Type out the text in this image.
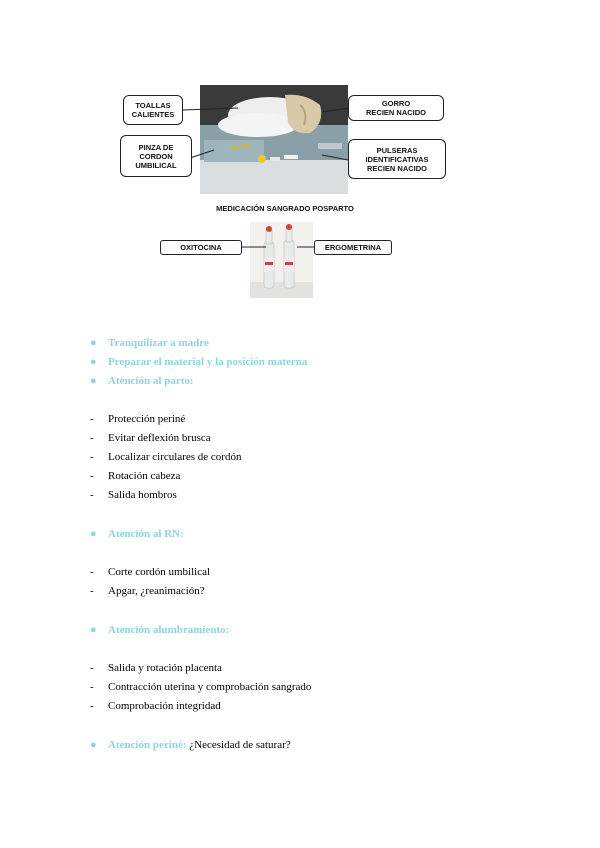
TOALLAS
CALIENTES
GORRO
RECIEN NACIDO
PINZA DE
CORDON
UMBILICAL
PULSERAS
IDENTIFICATIVAS
RECIEN NACIDO
MEDICACIÓN SANGRADO POSPARTO
OXITOCINA	ERGOMETRINA
● Tranquilizar a madre
● Preparar el material y la posición materna
● Atención al parto:
- Protección periné
- Evitar deflexión brusca
- Localizar circulares de cordón
- Rotación cabeza
- Salida hombros
● Atención al RN:
- Corte cordón umbilical
- Apgar, ¿reanimación?
● Atención alumbramiento:
- Salida y rotación placenta
- Contracción uterina y comprobación sangrado
- Comprobación integridad
● Atención periné: ¿Necesidad de saturar?
